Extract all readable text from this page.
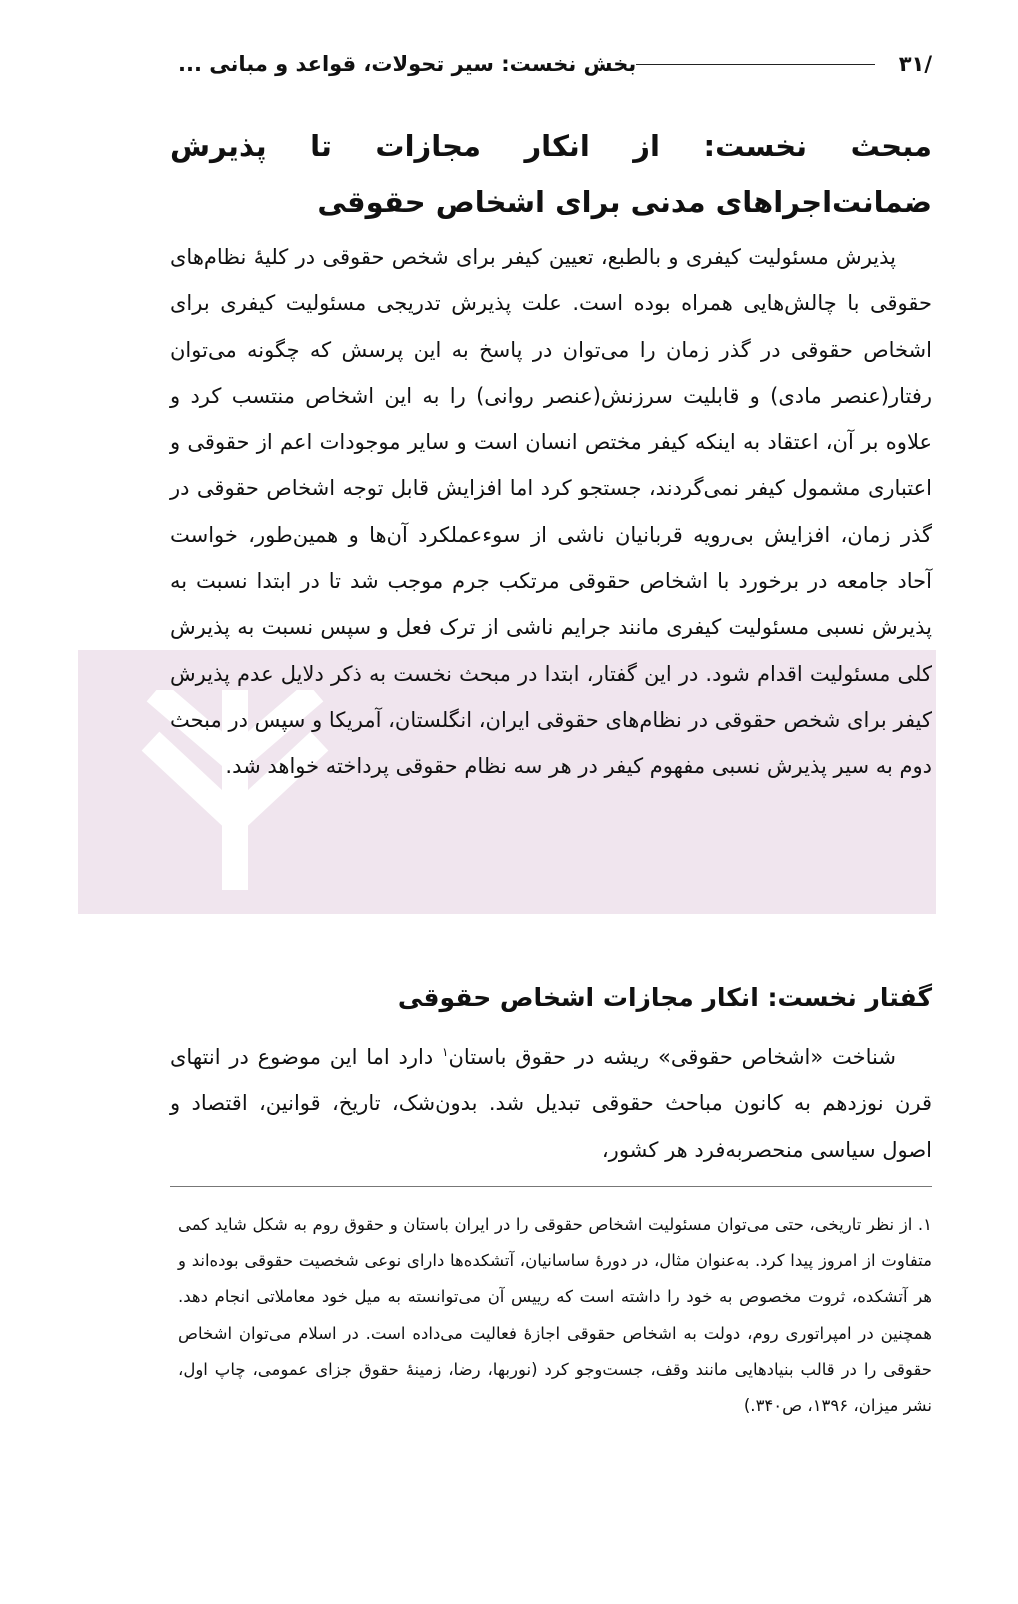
بخش نخست: سیر تحولات، قواعد و مبانی ...	/۳۱
مبحث نخست: از انکار مجازات تا پذیرش ضمانت‌اجراهای مدنی برای اشخاص حقوقی

پذیرش مسئولیت کیفری و بالطبع، تعیین کیفر برای شخص حقوقی در کلیهٔ نظام‌های حقوقی با چالش‌هایی همراه بوده است. علت پذیرش تدریجی مسئولیت کیفری برای اشخاص حقوقی در گذر زمان را می‌توان در پاسخ به این پرسش که چگونه می‌توان رفتار(عنصر مادی) و قابلیت سرزنش(عنصر روانی) را به این اشخاص منتسب کرد و علاوه بر آن، اعتقاد به اینکه کیفر مختص انسان است و سایر موجودات اعم از حقوقی و اعتباری مشمول کیفر نمی‌گردند، جستجو کرد اما افزایش قابل توجه اشخاص حقوقی در گذر زمان، افزایش بی‌رویه قربانیان ناشی از سوءعملکرد آن‌ها و همین‌طور، خواست آحاد جامعه در برخورد با اشخاص حقوقی مرتکب جرم موجب شد تا در ابتدا نسبت به پذیرش نسبی مسئولیت کیفری مانند جرایم ناشی از ترک فعل و سپس نسبت به پذیرش کلی مسئولیت اقدام شود. در این گفتار، ابتدا در مبحث نخست به ذکر دلایل عدم پذیرش کیفر برای شخص حقوقی در نظام‌های حقوقی ایران، انگلستان، آمریکا و سپس در مبحث دوم به سیر پذیرش نسبی مفهوم کیفر در هر سه نظام حقوقی پرداخته خواهد شد.

گفتار نخست: انکار مجازات اشخاص حقوقی

شناخت «اشخاص حقوقی» ریشه در حقوق باستان$^۱$ دارد اما این موضوع در انتهای قرن نوزدهم به کانون مباحث حقوقی تبدیل شد. بدون‌شک، تاریخ، قوانین، اقتصاد و اصول سیاسی منحصربه‌فرد هر کشور،

۱. از نظر تاریخی، حتی می‌توان مسئولیت اشخاص حقوقی را در ایران باستان و حقوق روم به شکل شاید کمی متفاوت از امروز پیدا کرد. به‌عنوان مثال، در دورهٔ ساسانیان، آتشکده‌ها دارای نوعی شخصیت حقوقی بوده‌اند و هر آتشکده، ثروت مخصوص به خود را داشته است که رییس آن می‌توانسته به میل خود معاملاتی انجام دهد. همچنین در امپراتوری روم، دولت به اشخاص حقوقی اجازهٔ فعالیت می‌داده است. در اسلام می‌توان اشخاص حقوقی را در قالب بنیادهایی مانند وقف، جست‌وجو کرد (نوربها، رضا، زمینهٔ حقوق جزای عمومی، چاپ اول، نشر میزان، ۱۳۹۶، ص۳۴۰.)
